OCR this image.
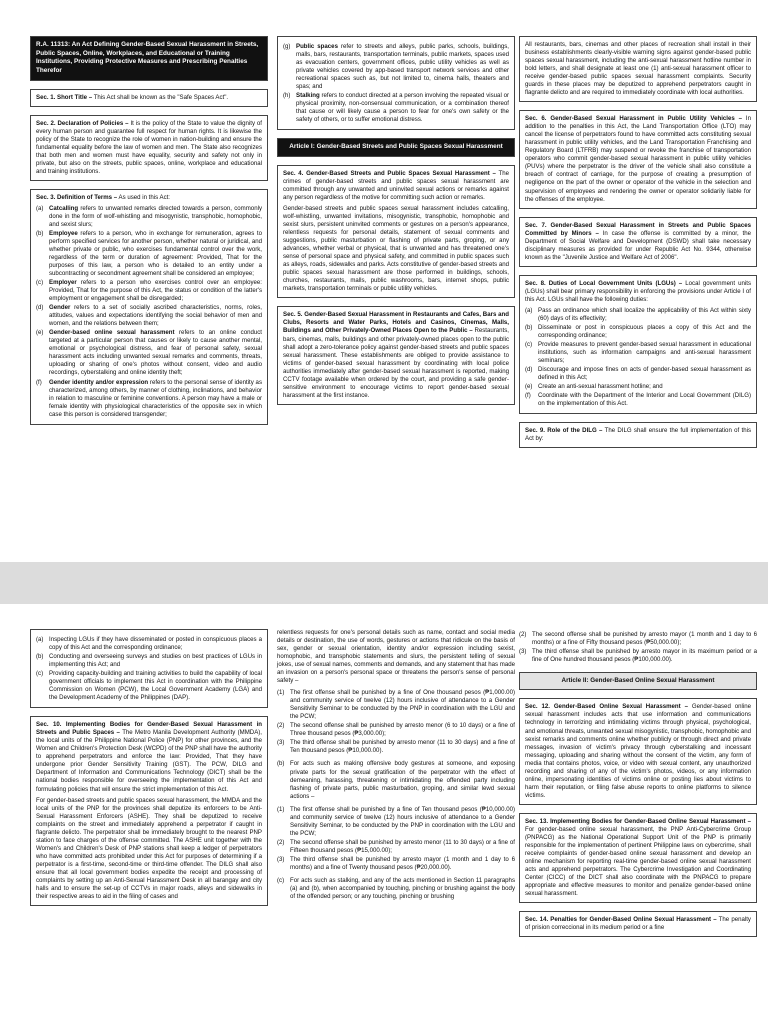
R.A. 11313: An Act Defining Gender-Based Sexual Harassment in Streets, Public Spaces, Online, Workplaces, and Educational or Training Institutions, Providing Protective Measures and Prescribing Penalties Therefor
Sec. 1. Short Title – This Act shall be known as the "Safe Spaces Act".
Sec. 2. Declaration of Policies – It is the policy of the State to value the dignity of every human person and guarantee full respect for human rights. It is likewise the policy of the State to recognize the role of women in nation-building and ensure the fundamental equality before the law of women and men. The State also recognizes that both men and women must have equality, security and safety not only in private, but also on the streets, public spaces, online, workplace and educational and training institutions.

Sec. 3. Definition of Terms – As used in this Act:

(a) Catcalling refers to unwanted remarks directed towards a person, commonly done in the form of wolf-whistling and misogynistic, transphobic, homophobic, and sexist slurs;
(b) Employee refers to a person, who in exchange for remuneration, agrees to perform specified services for another person, whether natural or juridical, and whether private or public, who exercises fundamental control over the work, regardless of the term or duration of agreement: Provided, That for the purposes of this law, a person who is detailed to an entity under a subcontracting or secondment agreement shall be considered an employee;
(c) Employer refers to a person who exercises control over an employee: Provided, That for the purpose of this Act, the status or condition of the latter's employment or engagement shall be disregarded;
(d) Gender refers to a set of socially ascribed characteristics, norms, roles, attitudes, values and expectations identifying the social behavior of men and women, and the relations between them;
(e) Gender-based online sexual harassment refers to an online conduct targeted at a particular person that causes or likely to cause another mental, emotional or psychological distress, and fear of personal safety, sexual harassment acts including unwanted sexual remarks and comments, threats, uploading or sharing of one's photos without consent, video and audio recordings, cyberstalking and online identity theft;
(f) Gender identity and/or expression refers to the personal sense of identity as characterized, among others, by manner of clothing, inclinations, and behavior in relation to masculine or feminine conventions. A person may have a male or female identity with physiological characteristics of the opposite sex in which case this person is considered transgender;
(g) Public spaces refer to streets and alleys, public parks, schools, buildings, malls, bars, restaurants, transportation terminals, public markets, spaces used as evacuation centers, government offices, public utility vehicles as well as private vehicles covered by app-based transport network services and other recreational spaces such as, but not limited to, cinema halls, theaters and spas; and
(h) Stalking refers to conduct directed at a person involving the repeated visual or physical proximity, non-consensual communication, or a combination thereof that cause or will likely cause a person to fear for one's own safety or the safety of others, or to suffer emotional distress.
Article I: Gender-Based Streets and Public Spaces Sexual Harassment

Sec. 4. Gender-Based Streets and Public Spaces Sexual Harassment – The crimes of gender-based streets and public spaces sexual harassment are committed through any unwanted and uninvited sexual actions or remarks against any person regardless of the motive for committing such action or remarks.

Gender-based streets and public spaces sexual harassment includes catcalling, wolf-whistling, unwanted invitations, misogynistic, transphobic, homophobic and sexist slurs, persistent uninvited comments or gestures on a person's appearance, relentless requests for personal details, statement of sexual comments and suggestions, public masturbation or flashing of private parts, groping, or any advances, whether verbal or physical, that is unwanted and has threatened one's sense of personal space and physical safety, and committed in public spaces such as alleys, roads, sidewalks and parks. Acts constitutive of gender-based streets and public spaces sexual harassment are those performed in buildings, schools, churches, restaurants, malls, public washrooms, bars, internet shops, public markets, transportation terminals or public utility vehicles.

Sec. 5. Gender-Based Sexual Harassment in Restaurants and Cafes, Bars and Clubs, Resorts and Water Parks, Hotels and Casinos, Cinemas, Malls, Buildings and Other Privately-Owned Places Open to the Public – Restaurants, bars, cinemas, malls, buildings and other privately-owned places open to the public shall adopt a zero-tolerance policy against gender-based streets and public spaces sexual harassment. These establishments are obliged to provide assistance to victims of gender-based sexual harassment by coordinating with local police authorities immediately after gender-based sexual harassment is reported, making CCTV footage available when ordered by the court, and providing a safe gender-sensitive environment to encourage victims to report gender-based sexual harassment at the first instance.
All restaurants, bars, cinemas and other places of recreation shall install in their business establishments clearly-visible warning signs against gender-based public spaces sexual harassment, including the anti-sexual harassment hotline number in bold letters, and shall designate at least one (1) anti-sexual harassment officer to receive gender-based public spaces sexual harassment complaints. Security guards in these places may be deputized to apprehend perpetrators caught in flagrante delicto and are required to immediately coordinate with local authorities.
Sec. 6. Gender-Based Sexual Harassment in Public Utility Vehicles – In addition to the penalties in this Act, the Land Transportation Office (LTO) may cancel the license of perpetrators found to have committed acts constituting sexual harassment in public utility vehicles, and the Land Transportation Franchising and Regulatory Board (LTFRB) may suspend or revoke the franchise of transportation operators who commit gender-based sexual harassment in public utility vehicles (PUVs) where the perpetrator is the driver of the vehicle shall also constitute a breach of contract of carriage, for the purpose of creating a presumption of negligence on the part of the owner or operator of the vehicle in the selection and supervision of employees and rendering the owner or operator solidarily liable for the offenses of the employee.
Sec. 7. Gender-Based Sexual Harassment in Streets and Public Spaces Committed by Minors – In case the offense is committed by a minor, the Department of Social Welfare and Development (DSWD) shall take necessary disciplinary measures as provided for under Republic Act No. 9344, otherwise known as the "Juvenile Justice and Welfare Act of 2006".

Sec. 8. Duties of Local Government Units (LGUs) – Local government units (LGUs) shall bear primary responsibility in enforcing the provisions under Article I of this Act. LGUs shall have the following duties:

(a) Pass an ordinance which shall localize the applicability of this Act within sixty (60) days of its effectivity;
(b) Disseminate or post in conspicuous places a copy of this Act and the corresponding ordinance;
(c) Provide measures to prevent gender-based sexual harassment in educational institutions, such as information campaigns and anti-sexual harassment seminars;
(d) Discourage and impose fines on acts of gender-based sexual harassment as defined in this Act;
(e) Create an anti-sexual harassment hotline; and
(f) Coordinate with the Department of the Interior and Local Government (DILG) on the implementation of this Act.
Sec. 9. Role of the DILG – The DILG shall ensure the full implementation of this Act by:
(a) Inspecting LGUs if they have disseminated or posted in conspicuous places a copy of this Act and the corresponding ordinance;
(b) Conducting and overseeing surveys and studies on best practices of LGUs in implementing this Act; and
(c) Providing capacity-building and training activities to build the capability of local government officials to implement this Act in coordination with the Philippine Commission on Women (PCW), the Local Government Academy (LGA) and the Development Academy of the Philippines (DAP).

Sec. 10. Implementing Bodies for Gender-Based Sexual Harassment in Streets and Public Spaces – The Metro Manila Development Authority (MMDA), the local units of the Philippine National Police (PNP) for other provinces, and the Women and Children's Protection Desk (WCPD) of the PNP shall have the authority to apprehend perpetrators and enforce the law: Provided, That they have undergone prior Gender Sensitivity Training (GST). The PCW, DILG and Department of Information and Communications Technology (DICT) shall be the national bodies responsible for overseeing the implementation of this Act and formulating policies that will ensure the strict implementation of this Act.

For gender-based streets and public spaces sexual harassment, the MMDA and the local units of the PNP for the provinces shall deputize its enforcers to be Anti-Sexual Harassment Enforcers (ASHE). They shall be deputized to receive complaints on the street and immediately apprehend a perpetrator if caught in flagrante delicto. The perpetrator shall be immediately brought to the nearest PNP station to face charges of the offense committed. The ASHE unit together with the Women's and Children's Desk of PNP stations shall keep a ledger of perpetrators who have committed acts prohibited under this Act for purposes of determining if a perpetrator is a first-time, second-time or third-time offender. The DILG shall also ensure that all local government bodies expedite the receipt and processing of complaints by setting up an Anti-Sexual Harassment Desk in all barangay and city halls and to ensure the set-up of CCTVs in major roads, alleys and sidewalks in their respective areas to aid in the filing of cases and

relentless requests for one's personal details such as name, contact and social media details or destination, the use of words, gestures or actions that ridicule on the basis of sex, gender or sexual orientation, identity and/or expression including sexist, homophobic, and transphobic statements and slurs, the persistent telling of sexual jokes, use of sexual names, comments and demands, and any statement that has made an invasion on a person's personal space or threatens the person's sense of personal safety –

(1) The first offense shall be punished by a fine of One thousand pesos (₱1,000.00) and community service of twelve (12) hours inclusive of attendance to a Gender Sensitivity Seminar to be conducted by the PNP in coordination with the LGU and the PCW;
(2) The second offense shall be punished by arresto menor (6 to 10 days) or a fine of Three thousand pesos (₱3,000.00);
(3) The third offense shall be punished by arresto menor (11 to 30 days) and a fine of Ten thousand pesos (₱10,000.00).
(b) For acts such as making offensive body gestures at someone, and exposing private parts for the sexual gratification of the perpetrator with the effect of demeaning, harassing, threatening or intimidating the offended party including flashing of private parts, public masturbation, groping, and similar lewd sexual actions –
(1) The first offense shall be punished by a fine of Ten thousand pesos (₱10,000.00) and community service of twelve (12) hours inclusive of attendance to a Gender Sensitivity Seminar, to be conducted by the PNP in coordination with the LGU and the PCW;
(2) The second offense shall be punished by arresto menor (11 to 30 days) or a fine of Fifteen thousand pesos (₱15,000.00);
(3) The third offense shall be punished by arresto mayor (1 month and 1 day to 6 months) and a fine of Twenty thousand pesos (₱20,000.00).
(c) For acts such as stalking, and any of the acts mentioned in Section 11 paragraphs (a) and (b), when accompanied by touching, pinching or brushing against the body of the offended person; or any touching, pinching or brushing
(2) The second offense shall be punished by arresto mayor (1 month and 1 day to 6 months) or a fine of Fifty thousand pesos (₱50,000.00);
(3) The third offense shall be punished by arresto mayor in its maximum period or a fine of One hundred thousand pesos (₱100,000.00).
Article II: Gender-Based Online Sexual Harassment
Sec. 12. Gender-Based Online Sexual Harassment – Gender-based online sexual harassment includes acts that use information and communications technology in terrorizing and intimidating victims through physical, psychological, and emotional threats, unwanted sexual misogynistic, transphobic, homophobic and sexist remarks and comments online whether publicly or through direct and private messages, invasion of victim's privacy through cyberstalking and incessant messaging, uploading and sharing without the consent of the victim, any form of media that contains photos, voice, or video with sexual content, any unauthorized recording and sharing of any of the victim's photos, videos, or any information online, impersonating identities of victims online or posting lies about victims to harm their reputation, or filing false abuse reports to online platforms to silence victims.
Sec. 13. Implementing Bodies for Gender-Based Online Sexual Harassment – For gender-based online sexual harassment, the PNP Anti-Cybercrime Group (PNPACG) as the National Operational Support Unit of the PNP is primarily responsible for the implementation of pertinent Philippine laws on cybercrime, shall receive complaints of gender-based online sexual harassment and develop an online mechanism for reporting real-time gender-based online sexual harassment acts and apprehend perpetrators. The Cybercrime Investigation and Coordinating Center (CICC) of the DICT shall also coordinate with the PNPACG to prepare appropriate and effective measures to monitor and penalize gender-based online sexual harassment.
Sec. 14. Penalties for Gender-Based Online Sexual Harassment – The penalty of prision correccional in its medium period or a fine
